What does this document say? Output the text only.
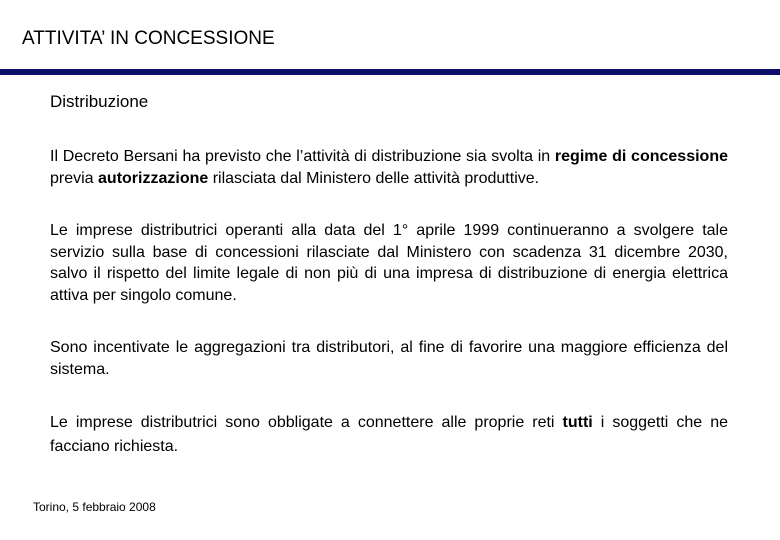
ATTIVITA’ IN CONCESSIONE
Distribuzione

Il Decreto Bersani ha previsto che l’attività di distribuzione sia svolta in regime di concessione previa autorizzazione rilasciata dal Ministero delle attività produttive.

Le imprese distributrici operanti alla data del 1° aprile 1999 continueranno a svolgere tale servizio sulla base di concessioni rilasciate dal Ministero con scadenza 31 dicembre 2030, salvo il rispetto del limite legale di non più di una impresa di distribuzione di energia elettrica attiva per singolo comune.

Sono incentivate le aggregazioni tra distributori, al fine di favorire una maggiore efficienza del sistema.

Le imprese distributrici sono obbligate a connettere alle proprie reti tutti i soggetti che ne facciano richiesta.

Torino, 5 febbraio 2008
